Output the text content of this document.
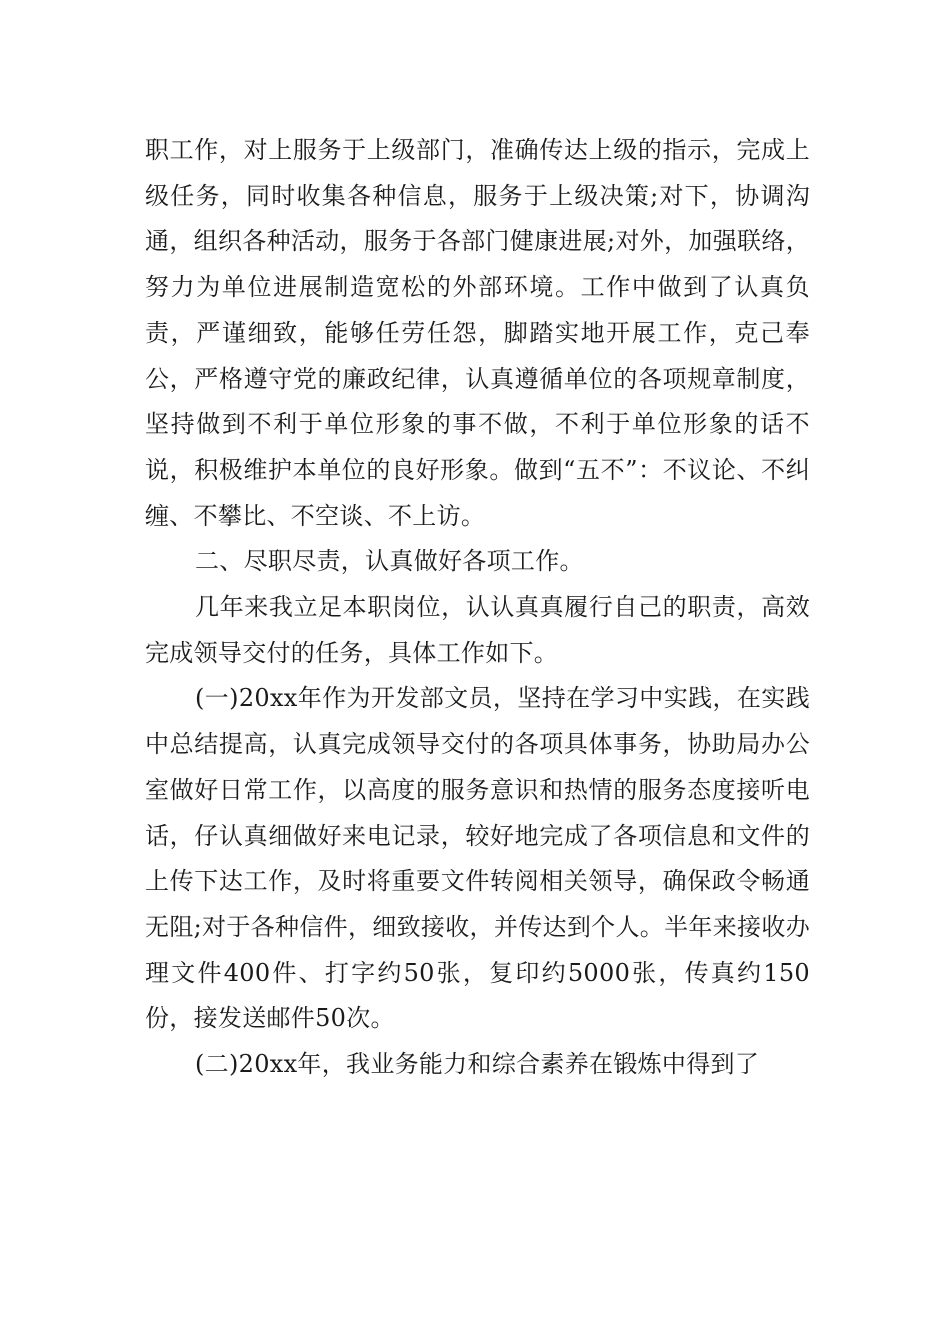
职工作，对上服务于上级部门，准确传达上级的指示，完成上级任务，同时收集各种信息，服务于上级决策;对下，协调沟通，组织各种活动，服务于各部门健康进展;对外，加强联络，努力为单位进展制造宽松的外部环境。工作中做到了认真负责，严谨细致，能够任劳任怨，脚踏实地开展工作，克己奉公，严格遵守党的廉政纪律，认真遵循单位的各项规章制度，坚持做到不利于单位形象的事不做，不利于单位形象的话不说，积极维护本单位的良好形象。做到“五不”：不议论、不纠缠、不攀比、不空谈、不上访。

二、尽职尽责，认真做好各项工作。

几年来我立足本职岗位，认认真真履行自己的职责，高效完成领导交付的任务，具体工作如下。

(一)20xx年作为开发部文员，坚持在学习中实践，在实践中总结提高，认真完成领导交付的各项具体事务，协助局办公室做好日常工作，以高度的服务意识和热情的服务态度接听电话，仔认真细做好来电记录，较好地完成了各项信息和文件的上传下达工作，及时将重要文件转阅相关领导，确保政令畅通无阻;对于各种信件，细致接收，并传达到个人。半年来接收办理文件400件、打字约50张，复印约5000张，传真约150份，接发送邮件50次。

(二)20xx年，我业务能力和综合素养在锻炼中得到了
